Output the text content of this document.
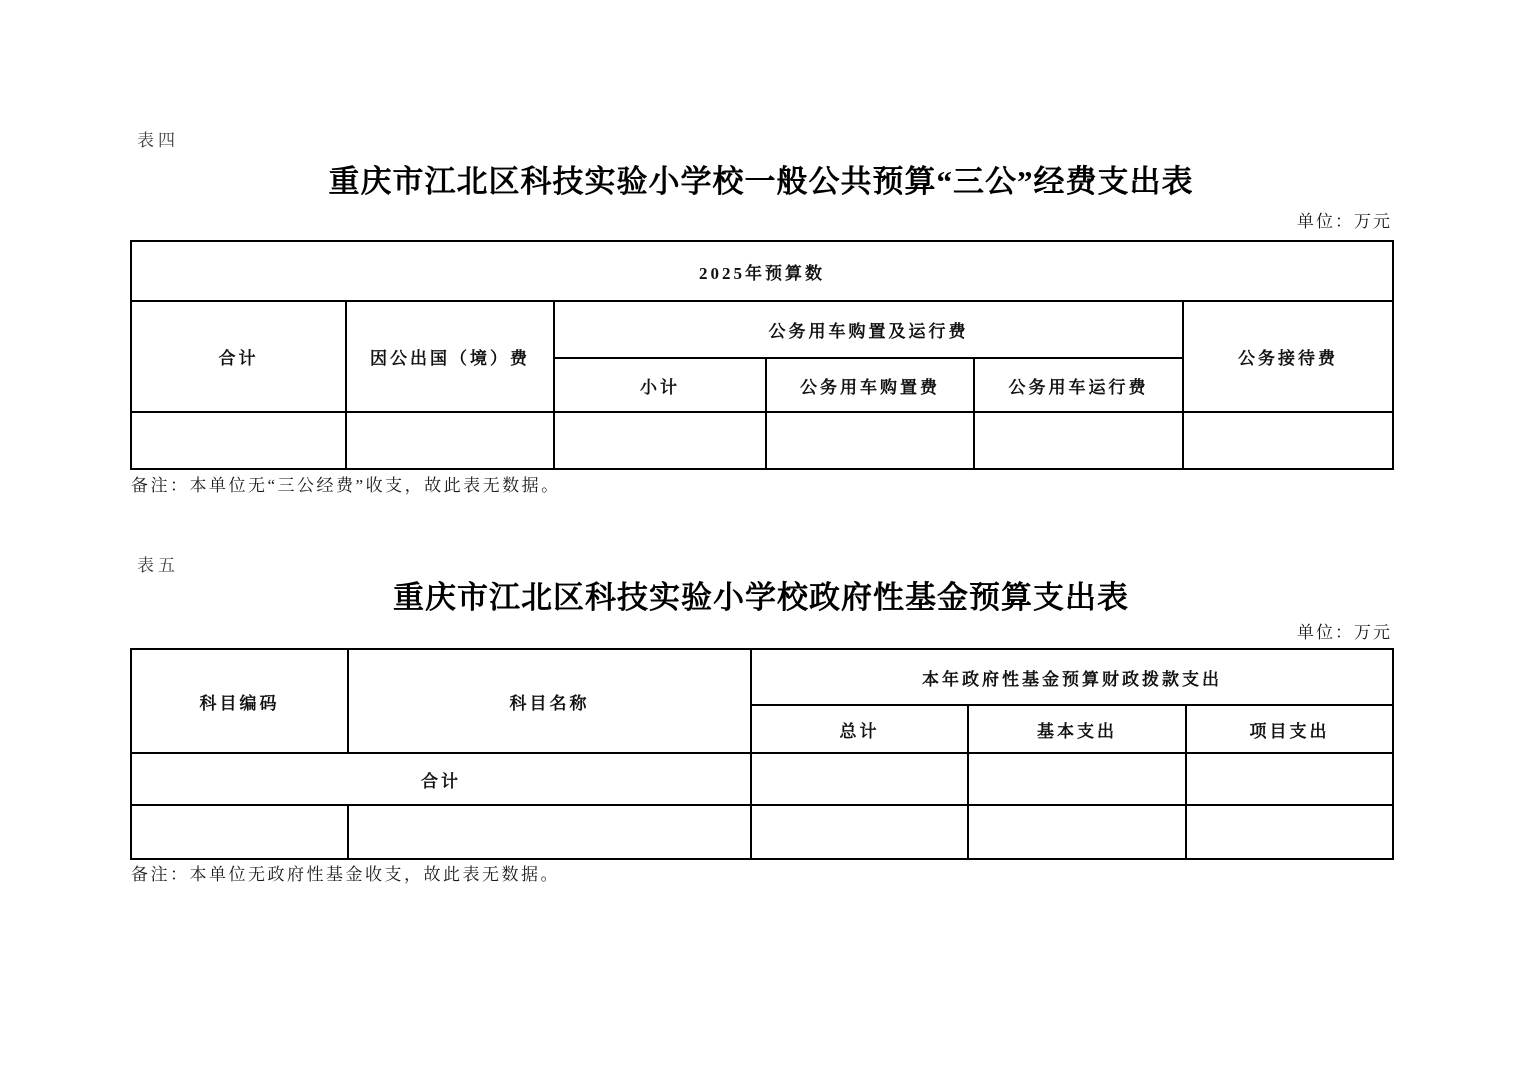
表四
重庆市江北区科技实验小学校一般公共预算“三公”经费支出表
单位：万元
2025年预算数					
合计	因公出国（境）费	公务用车购置及运行费			公务接待费
		小计	公务用车购置费	公务用车运行费	

备注：本单位无“三公经费”收支，故此表无数据。
表五
重庆市江北区科技实验小学校政府性基金预算支出表
单位：万元
科目编码	科目名称	本年政府性基金预算财政拨款支出		
		总计	基本支出	项目支出
合计				

备注：本单位无政府性基金收支，故此表无数据。
